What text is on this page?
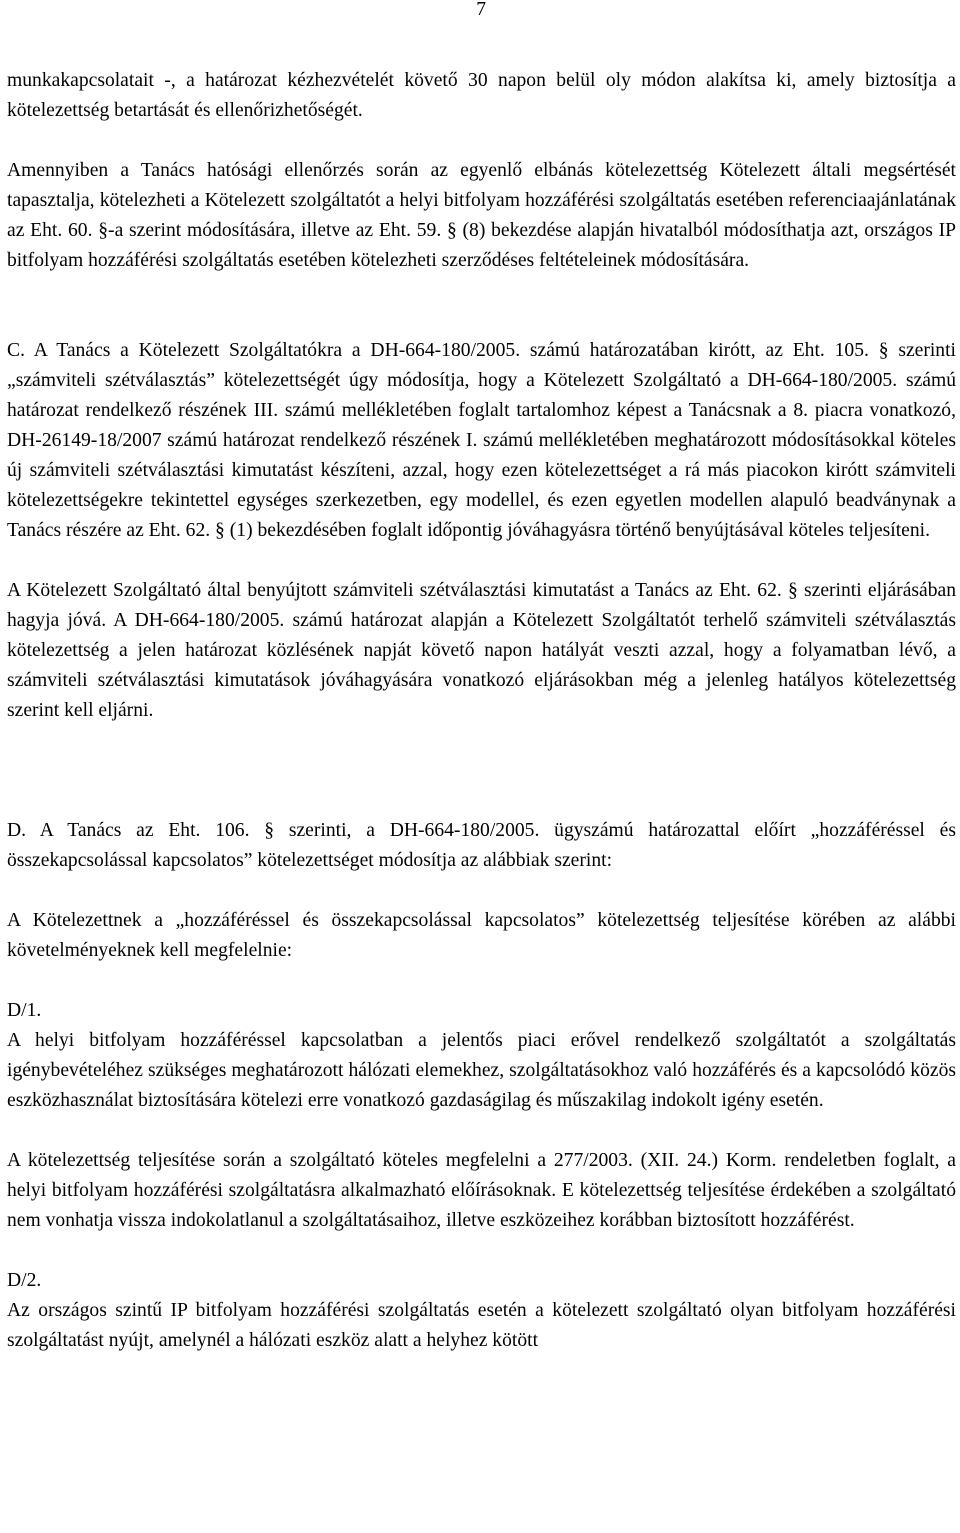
7

munkakapcsolatait -, a határozat kézhezvételét követő 30 napon belül oly módon alakítsa ki, amely biztosítja a kötelezettség betartását és ellenőrizhetőségét.

Amennyiben a Tanács hatósági ellenőrzés során az egyenlő elbánás kötelezettség Kötelezett általi megsértését tapasztalja, kötelezheti a Kötelezett szolgáltatót a helyi bitfolyam hozzáférési szolgáltatás esetében referenciaajánlatának az Eht. 60. §-a szerint módosítására, illetve az Eht. 59. § (8) bekezdése alapján hivatalból módosíthatja azt, országos IP bitfolyam hozzáférési szolgáltatás esetében kötelezheti szerződéses feltételeinek módosítására.

C. A Tanács a Kötelezett Szolgáltatókra a DH-664-180/2005. számú határozatában kirótt, az Eht. 105. § szerinti „számviteli szétválasztás” kötelezettségét úgy módosítja, hogy a Kötelezett Szolgáltató a DH-664-180/2005. számú határozat rendelkező részének III. számú mellékletében foglalt tartalomhoz képest a Tanácsnak a 8. piacra vonatkozó, DH-26149-18/2007 számú határozat rendelkező részének I. számú mellékletében meghatározott módosításokkal köteles új számviteli szétválasztási kimutatást készíteni, azzal, hogy ezen kötelezettséget a rá más piacokon kirótt számviteli kötelezettségekre tekintettel egységes szerkezetben, egy modellel, és ezen egyetlen modellen alapuló beadványnak a Tanács részére az Eht. 62. § (1) bekezdésében foglalt időpontig jóváhagyásra történő benyújtásával köteles teljesíteni.

A Kötelezett Szolgáltató által benyújtott számviteli szétválasztási kimutatást a Tanács az Eht. 62. § szerinti eljárásában hagyja jóvá. A DH-664-180/2005. számú határozat alapján a Kötelezett Szolgáltatót terhelő számviteli szétválasztás kötelezettség a jelen határozat közlésének napját követő napon hatályát veszti azzal, hogy a folyamatban lévő, a számviteli szétválasztási kimutatások jóváhagyására vonatkozó eljárásokban még a jelenleg hatályos kötelezettség szerint kell eljárni.

D. A Tanács az Eht. 106. § szerinti, a DH-664-180/2005. ügyszámú határozattal előírt „hozzáféréssel és összekapcsolással kapcsolatos” kötelezettséget módosítja az alábbiak szerint:

A Kötelezettnek a „hozzáféréssel és összekapcsolással kapcsolatos” kötelezettség teljesítése körében az alábbi követelményeknek kell megfelelnie:

D/1.

A helyi bitfolyam hozzáféréssel kapcsolatban a jelentős piaci erővel rendelkező szolgáltatót a szolgáltatás igénybevételéhez szükséges meghatározott hálózati elemekhez, szolgáltatásokhoz való hozzáférés és a kapcsolódó közös eszközhasználat biztosítására kötelezi erre vonatkozó gazdaságilag és műszakilag indokolt igény esetén.

A kötelezettség teljesítése során a szolgáltató köteles megfelelni a 277/2003. (XII. 24.) Korm. rendeletben foglalt, a helyi bitfolyam hozzáférési szolgáltatásra alkalmazható előírásoknak. E kötelezettség teljesítése érdekében a szolgáltató nem vonhatja vissza indokolatlanul a szolgáltatásaihoz, illetve eszközeihez korábban biztosított hozzáférést.

D/2.

Az országos szintű IP bitfolyam hozzáférési szolgáltatás esetén a kötelezett szolgáltató olyan bitfolyam hozzáférési szolgáltatást nyújt, amelynél a hálózati eszköz alatt a helyhez kötött
